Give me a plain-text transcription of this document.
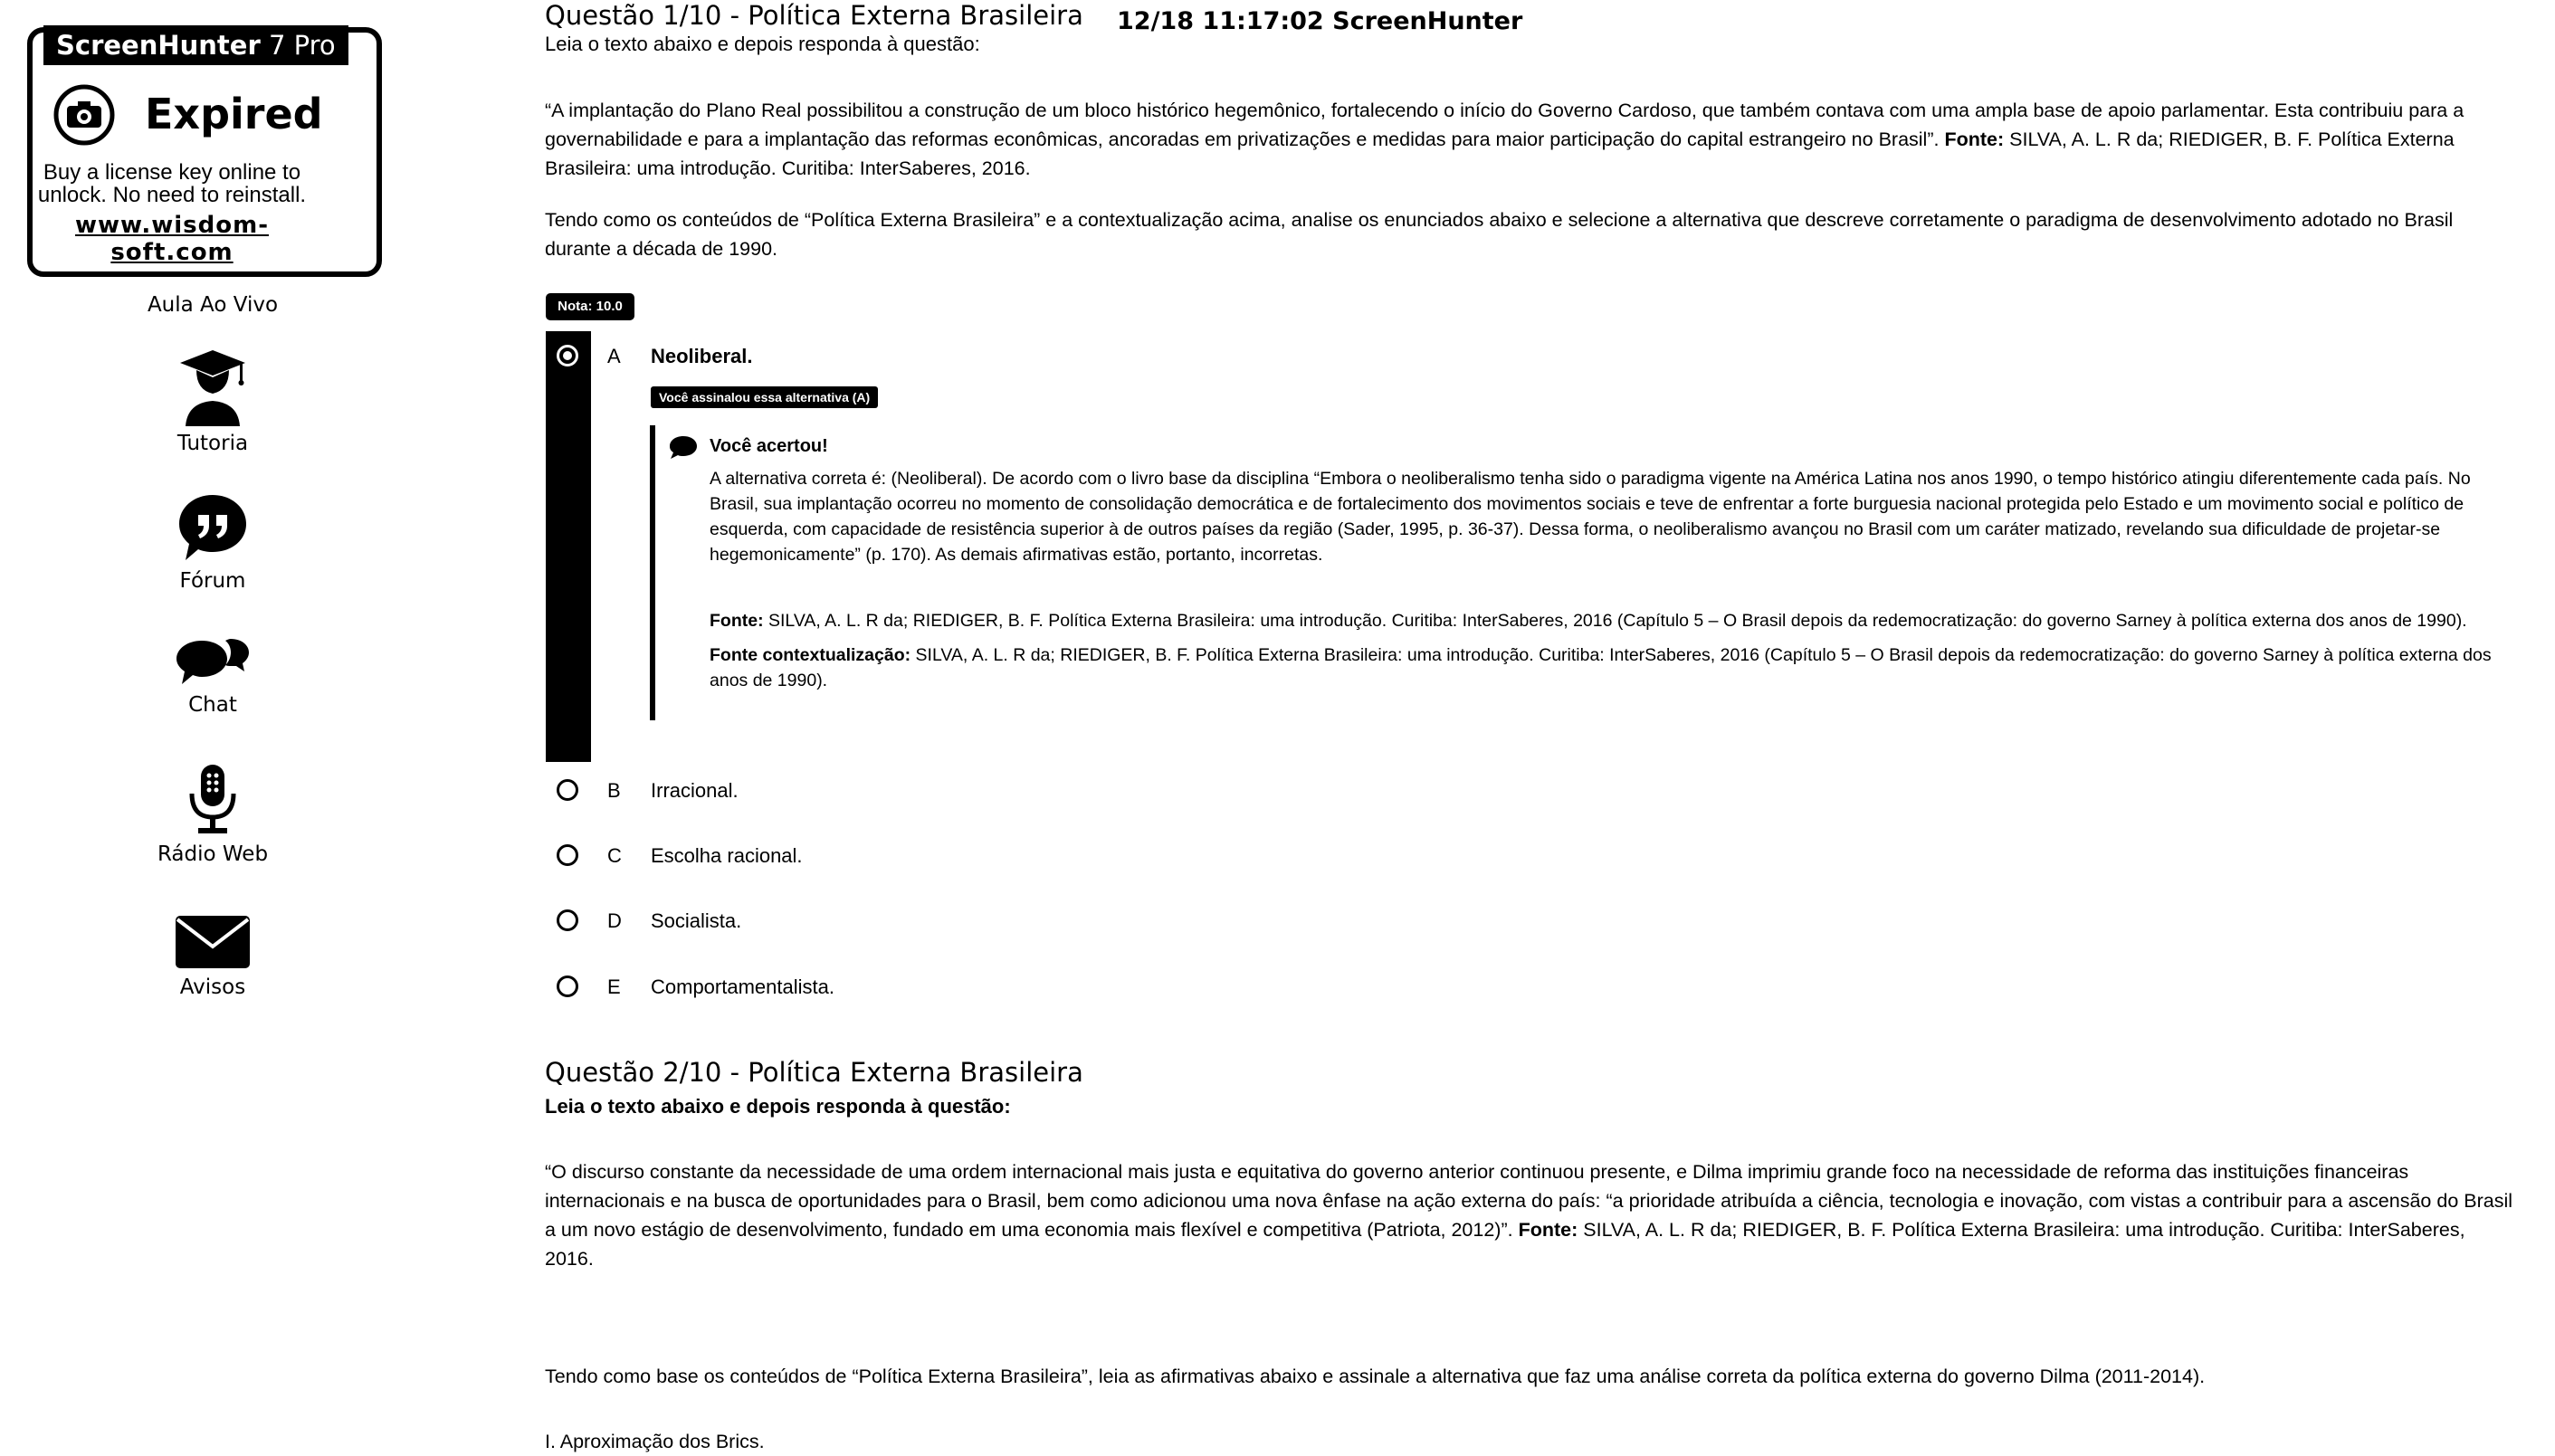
ScreenHunter 7 Pro
Expired
Buy a license key online to unlock. No need to reinstall.
www.wisdom-soft.com
12/18 11:17:02 ScreenHunter
Aula Ao Vivo
Tutoria
Fórum
Chat
Rádio Web
Avisos
Questão 1/10 - Política Externa Brasileira
Leia o texto abaixo e depois responda à questão:
“A implantação do Plano Real possibilitou a construção de um bloco histórico hegemônico, fortalecendo o início do Governo Cardoso, que também contava com uma ampla base de apoio parlamentar. Esta contribuiu para a governabilidade e para a implantação das reformas econômicas, ancoradas em privatizações e medidas para maior participação do capital estrangeiro no Brasil”. Fonte: SILVA, A. L. R da; RIEDIGER, B. F. Política Externa Brasileira: uma introdução. Curitiba: InterSaberes, 2016.
Tendo como os conteúdos de “Política Externa Brasileira” e a contextualização acima, analise os enunciados abaixo e selecione a alternativa que descreve corretamente o paradigma de desenvolvimento adotado no Brasil durante a década de 1990.
Nota: 10.0
A Neoliberal.
Você assinalou essa alternativa (A)
Você acertou!
A alternativa correta é: (Neoliberal). De acordo com o livro base da disciplina “Embora o neoliberalismo tenha sido o paradigma vigente na América Latina nos anos 1990, o tempo histórico atingiu diferentemente cada país. No Brasil, sua implantação ocorreu no momento de consolidação democrática e de fortalecimento dos movimentos sociais e teve de enfrentar a forte burguesia nacional protegida pelo Estado e um movimento social e político de esquerda, com capacidade de resistência superior à de outros países da região (Sader, 1995, p. 36-37). Dessa forma, o neoliberalismo avançou no Brasil com um caráter matizado, revelando sua dificuldade de projetar-se hegemonicamente” (p. 170). As demais afirmativas estão, portanto, incorretas.
Fonte: SILVA, A. L. R da; RIEDIGER, B. F. Política Externa Brasileira: uma introdução. Curitiba: InterSaberes, 2016 (Capítulo 5 – O Brasil depois da redemocratização: do governo Sarney à política externa dos anos de 1990).
Fonte contextualização: SILVA, A. L. R da; RIEDIGER, B. F. Política Externa Brasileira: uma introdução. Curitiba: InterSaberes, 2016 (Capítulo 5 – O Brasil depois da redemocratização: do governo Sarney à política externa dos anos de 1990).
B Irracional.
C Escolha racional.
D Socialista.
E Comportamentalista.
Questão 2/10 - Política Externa Brasileira
Leia o texto abaixo e depois responda à questão:
“O discurso constante da necessidade de uma ordem internacional mais justa e equitativa do governo anterior continuou presente, e Dilma imprimiu grande foco na necessidade de reforma das instituições financeiras internacionais e na busca de oportunidades para o Brasil, bem como adicionou uma nova ênfase na ação externa do país: “a prioridade atribuída a ciência, tecnologia e inovação, com vistas a contribuir para a ascensão do Brasil a um novo estágio de desenvolvimento, fundado em uma economia mais flexível e competitiva (Patriota, 2012)”. Fonte: SILVA, A. L. R da; RIEDIGER, B. F. Política Externa Brasileira: uma introdução. Curitiba: InterSaberes, 2016.
Tendo como base os conteúdos de “Política Externa Brasileira”, leia as afirmativas abaixo e assinale a alternativa que faz uma análise correta da política externa do governo Dilma (2011-2014).
I. Aproximação dos Brics.
